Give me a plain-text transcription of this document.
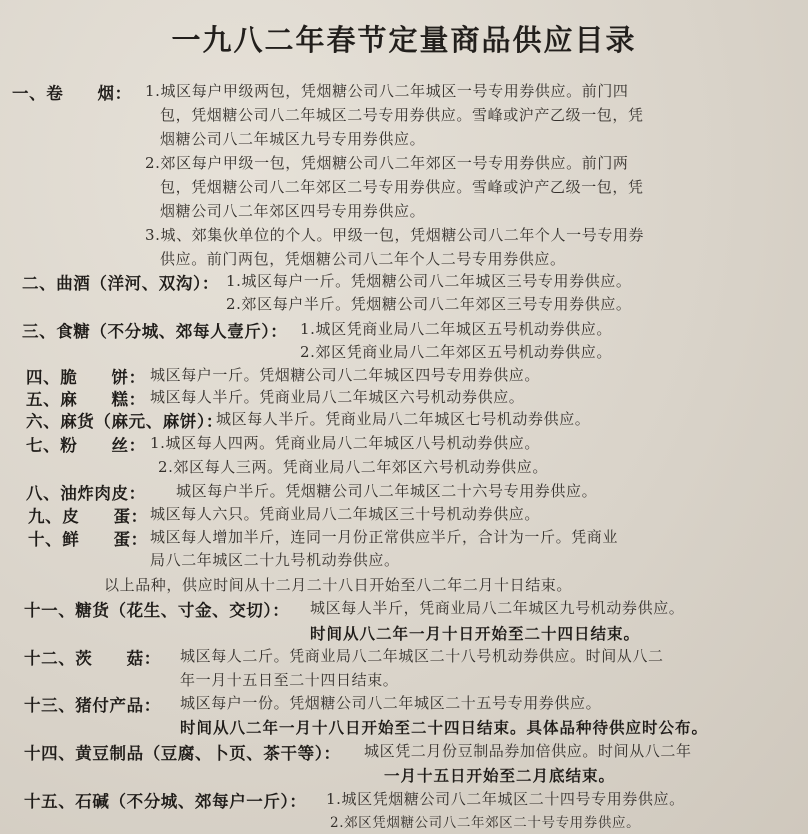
一九八二年春节定量商品供应目录
一、卷　　烟： 1.城区每户甲级两包，凭烟糖公司八二年城区一号专用券供应。前门四
包，凭烟糖公司八二年城区二号专用券供应。雪峰或沪产乙级一包，凭
烟糖公司八二年城区九号专用券供应。
2.郊区每户甲级一包，凭烟糖公司八二年郊区一号专用券供应。前门两
包，凭烟糖公司八二年郊区二号专用券供应。雪峰或沪产乙级一包，凭
烟糖公司八二年郊区四号专用券供应。
3.城、郊集伙单位的个人。甲级一包，凭烟糖公司八二年个人一号专用券
供应。前门两包，凭烟糖公司八二年个人二号专用券供应。
二、曲酒（洋河、双沟）： 1.城区每户一斤。凭烟糖公司八二年城区三号专用券供应。
2.郊区每户半斤。凭烟糖公司八二年郊区三号专用券供应。
三、食糖（不分城、郊每人壹斤）： 1.城区凭商业局八二年城区五号机动券供应。
2.郊区凭商业局八二年郊区五号机动券供应。
四、脆　　饼： 城区每户一斤。凭烟糖公司八二年城区四号专用券供应。
五、麻　　糕： 城区每人半斤。凭商业局八二年城区六号机动券供应。
六、麻货（麻元、麻饼）：
城区每人半斤。凭商业局八二年城区七号机动券供应。
七、粉　　丝： 1.城区每人四两。凭商业局八二年城区八号机动券供应。
2.郊区每人三两。凭商业局八二年郊区六号机动券供应。
八、油炸肉皮： 城区每户半斤。凭烟糖公司八二年城区二十六号专用券供应。
九、皮　　蛋： 城区每人六只。凭商业局八二年城区三十号机动券供应。
十、鲜　　蛋： 城区每人增加半斤，连同一月份正常供应半斤，合计为一斤。凭商业
局八二年城区二十九号机动券供应。
以上品种，供应时间从十二月二十八日开始至八二年二月十日结束。
十一、糖货（花生、寸金、交切）： 城区每人半斤，凭商业局八二年城区九号机动券供应。
时间从八二年一月十日开始至二十四日结束。
十二、茨　　菇： 城区每人二斤。凭商业局八二年城区二十八号机动券供应。时间从八二
年一月十五日至二十四日结束。
十三、猪付产品： 城区每户一份。凭烟糖公司八二年城区二十五号专用券供应。
时间从八二年一月十八日开始至二十四日结束。具体品种待供应时公布。
十四、黄豆制品（豆腐、卜页、茶干等）： 城区凭二月份豆制品券加倍供应。时间从八二年
一月十五日开始至二月底结束。
十五、石碱（不分城、郊每户一斤）： 1.城区凭烟糖公司八二年城区二十四号专用券供应。
2.郊区凭烟糖公司八二年郊区二十号专用券供应。
